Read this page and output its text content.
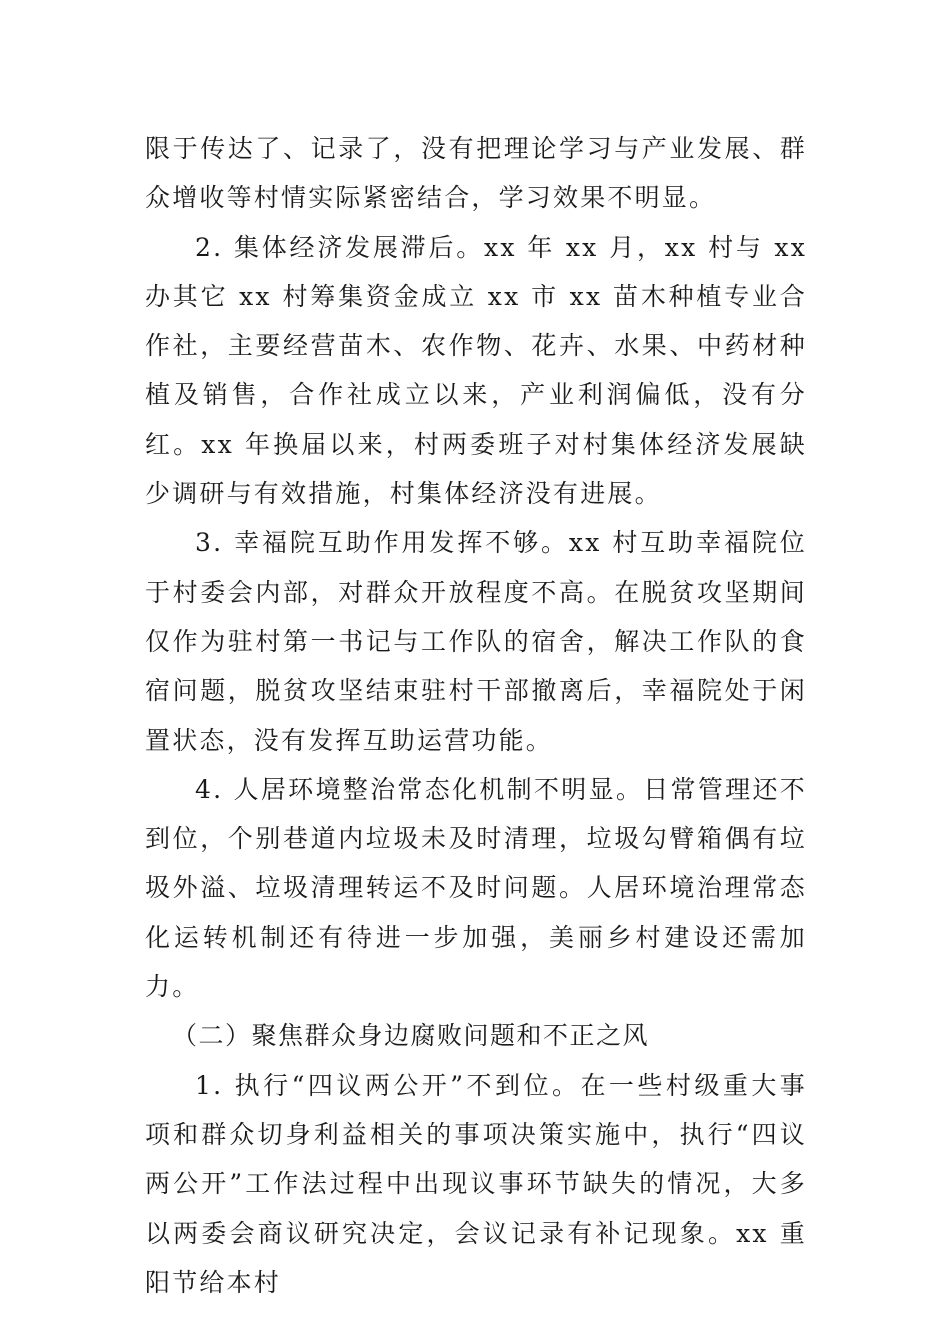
限于传达了、记录了，没有把理论学习与产业发展、群众增收等村情实际紧密结合，学习效果不明显。

2. 集体经济发展滞后。xx 年 xx 月，xx 村与 xx 办其它 xx 村筹集资金成立 xx 市 xx 苗木种植专业合作社，主要经营苗木、农作物、花卉、水果、中药材种植及销售，合作社成立以来，产业利润偏低，没有分红。xx 年换届以来，村两委班子对村集体经济发展缺少调研与有效措施，村集体经济没有进展。

3. 幸福院互助作用发挥不够。xx 村互助幸福院位于村委会内部，对群众开放程度不高。在脱贫攻坚期间仅作为驻村第一书记与工作队的宿舍，解决工作队的食宿问题，脱贫攻坚结束驻村干部撤离后，幸福院处于闲置状态，没有发挥互助运营功能。

4. 人居环境整治常态化机制不明显。日常管理还不到位，个别巷道内垃圾未及时清理，垃圾勾臂箱偶有垃圾外溢、垃圾清理转运不及时问题。人居环境治理常态化运转机制还有待进一步加强，美丽乡村建设还需加力。

（二）聚焦群众身边腐败问题和不正之风

1. 执行“四议两公开”不到位。在一些村级重大事项和群众切身利益相关的事项决策实施中，执行“四议两公开”工作法过程中出现议事环节缺失的情况，大多以两委会商议研究决定，会议记录有补记现象。xx 重阳节给本村
